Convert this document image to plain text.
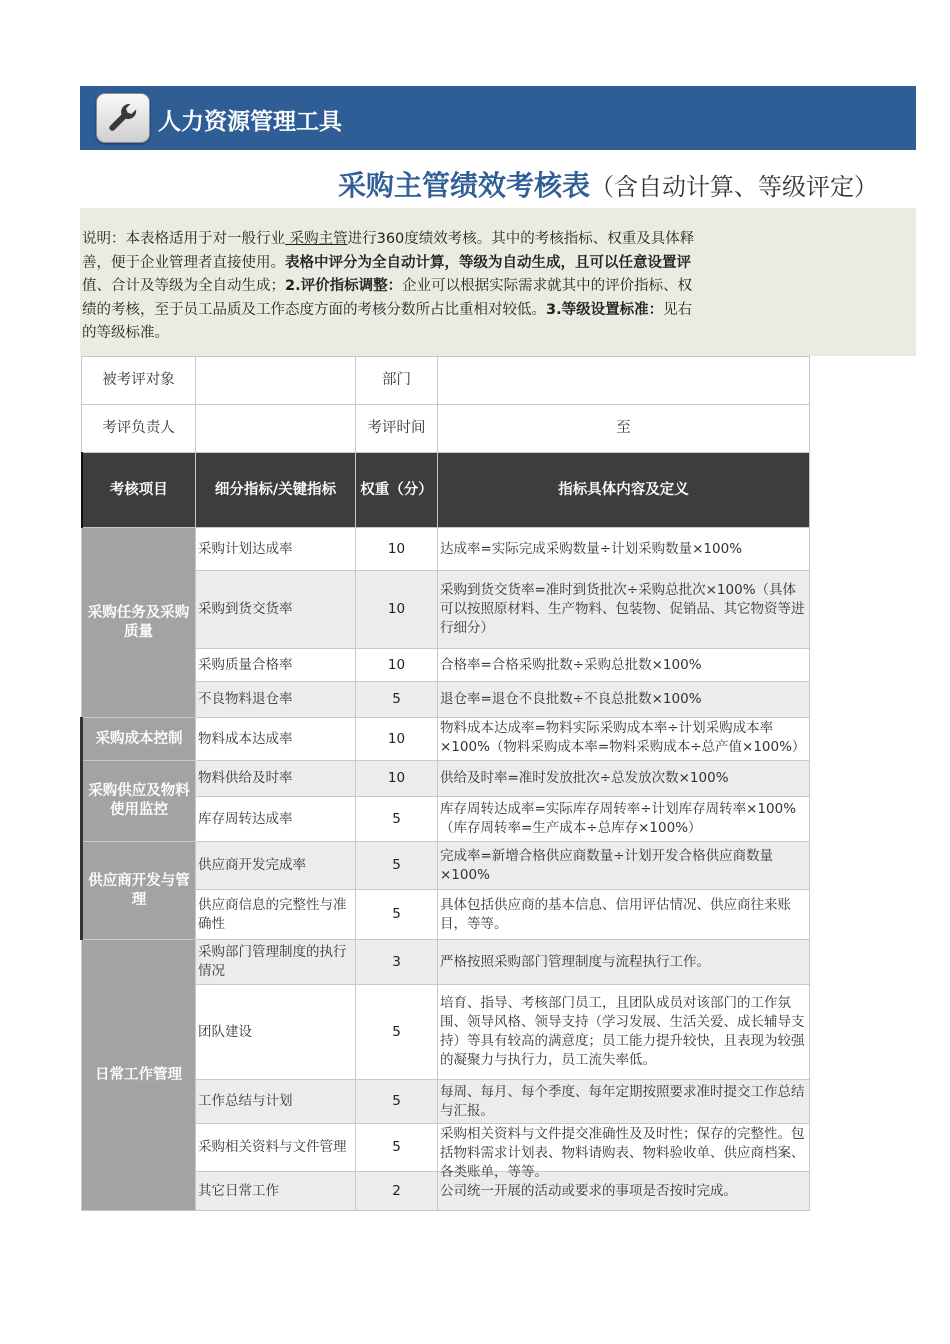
人力资源管理工具
采购主管绩效考核表（含自动计算、等级评定）

说明：本表格适用于对一般行业 采购主管进行360度绩效考核。其中的考核指标、权重及具体释

善，便于企业管理者直接使用。表格中评分为全自动计算，等级为自动生成，且可以任意设置评

值、合计及等级为全自动生成；2.评价指标调整：企业可以根据实际需求就其中的评价指标、权

绩的考核，至于员工品质及工作态度方面的考核分数所占比重相对较低。3.等级设置标准：见右

的等级标准。

被考评对象		部门	
考评负责人		考评时间	至
考核项目	细分指标/关键指标	权重（分）	指标具体内容及定义
采购任务及采购质量	采购计划达成率	10	达成率=实际完成采购数量÷计划采购数量×100%
	采购到货交货率	10	采购到货交货率=准时到货批次÷采购总批次×100%（具体可以按照原材料、生产物料、包装物、促销品、其它物资等进行细分）
	采购质量合格率	10	合格率=合格采购批数÷采购总批数×100%
	不良物料退仓率	5	退仓率=退仓不良批数÷不良总批数×100%
采购成本控制	物料成本达成率	10	物料成本达成率=物料实际采购成本率÷计划采购成本率×100%（物料采购成本率=物料采购成本÷总产值×100%）

采购供应及物料使用监控	物料供给及时率	10	供给及时率=准时发放批次÷总发放次数×100%
	库存周转达成率	5	库存周转达成率=实际库存周转率÷计划库存周转率×100%（库存周转率=生产成本÷总库存×100%）
供应商开发与管理	供应商开发完成率	5	完成率=新增合格供应商数量÷计划开发合格供应商数量×100%
	供应商信息的完整性与准确性	5	具体包括供应商的基本信息、信用评估情况、供应商往来账目，等等。
日常工作管理	采购部门管理制度的执行情况	3	严格按照采购部门管理制度与流程执行工作。
	团队建设	5	培育、指导、考核部门员工，且团队成员对该部门的工作氛围、领导风格、领导支持（学习发展、生活关爱、成长辅导支持）等具有较高的满意度；员工能力提升较快，且表现为较强的凝聚力与执行力，员工流失率低。
	工作总结与计划	5	每周、每月、每个季度、每年定期按照要求准时提交工作总结与汇报。
	采购相关资料与文件管理	5	采购相关资料与文件提交准确性及及时性；保存的完整性。包括物料需求计划表、物料请购表、物料验收单、供应商档案、各类账单，等等。

	其它日常工作	2	公司统一开展的活动或要求的事项是否按时完成。
